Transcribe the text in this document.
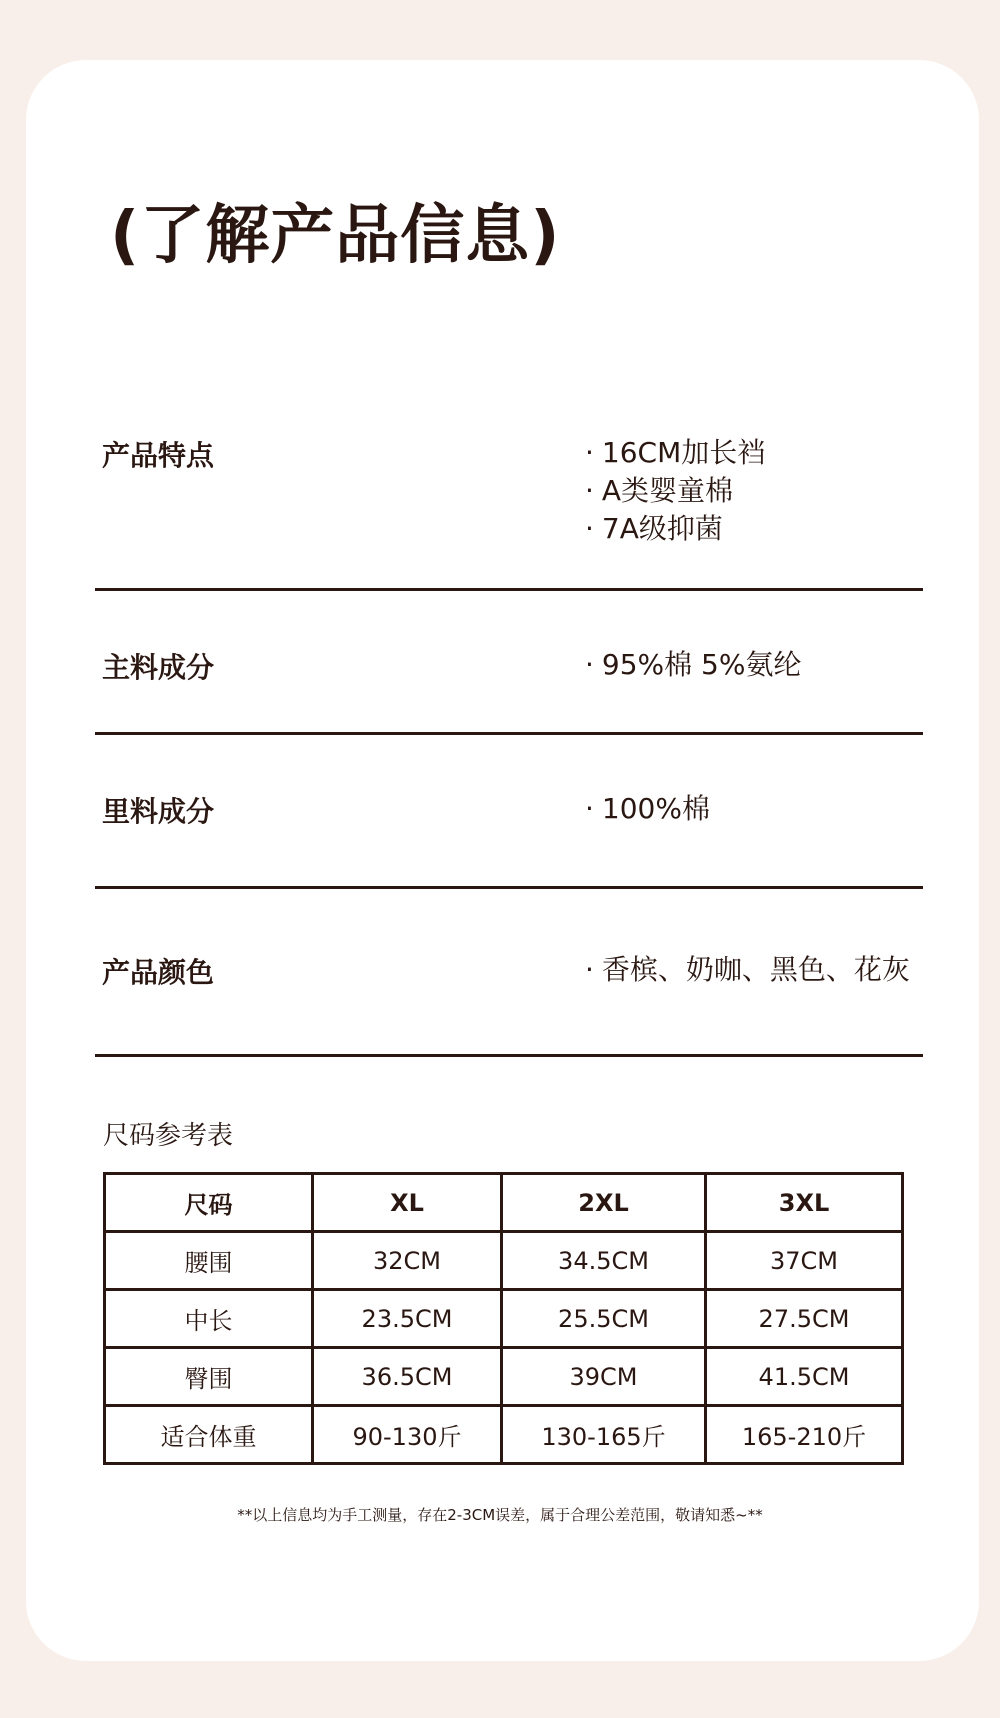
(了解产品信息)
产品特点	· 16CM加长裆
· A类婴童棉
· 7A级抑菌
主料成分	· 95%棉 5%氨纶
里料成分	· 100%棉
产品颜色	· 香槟、奶咖、黑色、花灰
尺码参考表
尺码	XL	2XL	3XL
腰围	32CM	34.5CM	37CM
中长	23.5CM	25.5CM	27.5CM
臀围	36.5CM	39CM	41.5CM
适合体重	90-130斤	130-165斤	165-210斤
**以上信息均为手工测量，存在2-3CM误差，属于合理公差范围，敬请知悉~**
